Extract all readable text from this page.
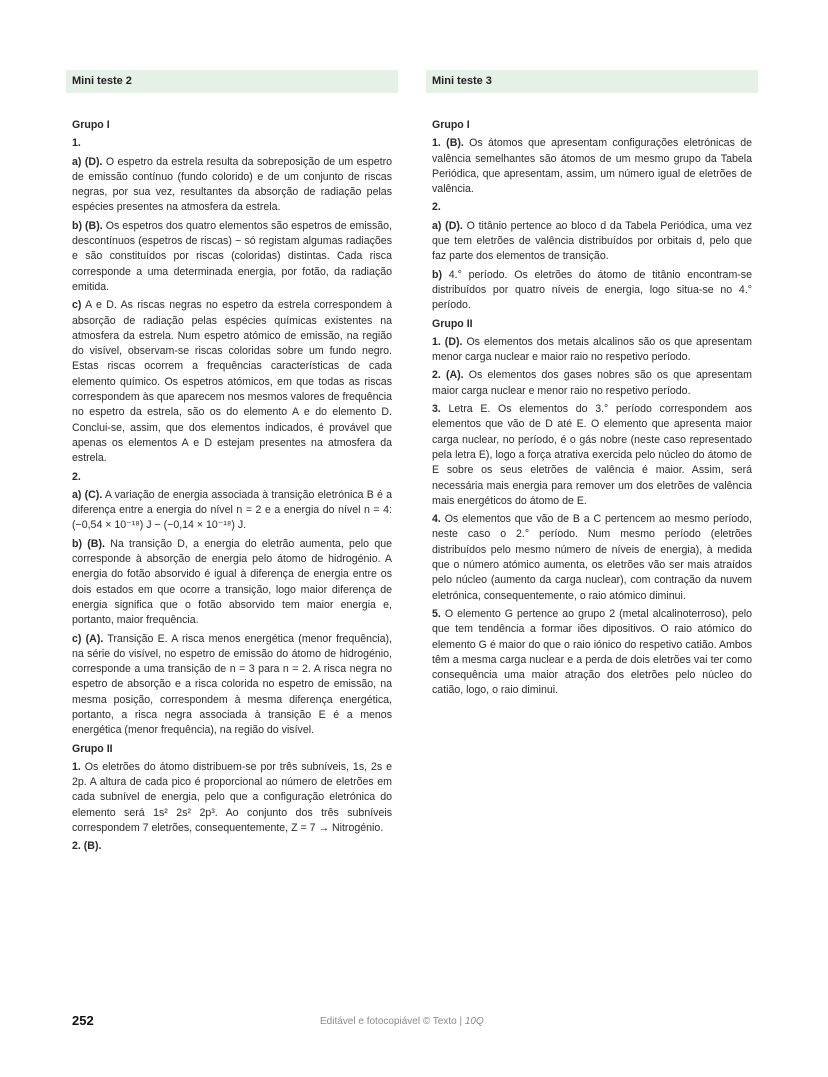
Mini teste 2

Grupo I

1.

a) (D). O espetro da estrela resulta da sobreposição de um espetro de emissão contínuo (fundo colorido) e de um conjunto de riscas negras, por sua vez, resultantes da absorção de radiação pelas espécies presentes na atmosfera da estrela.

b) (B). Os espetros dos quatro elementos são espetros de emissão, descontínuos (espetros de riscas) − só registam algumas radiações e são constituídos por riscas (coloridas) distintas. Cada risca corresponde a uma determinada energia, por fotão, da radiação emitida.

c) A e D. As riscas negras no espetro da estrela correspondem à absorção de radiação pelas espécies químicas existentes na atmosfera da estrela. Num espetro atómico de emissão, na região do visível, observam-se riscas coloridas sobre um fundo negro. Estas riscas ocorrem a frequências características de cada elemento químico. Os espetros atómicos, em que todas as riscas correspondem às que aparecem nos mesmos valores de frequência no espetro da estrela, são os do elemento A e do elemento D. Conclui-se, assim, que dos elementos indicados, é provável que apenas os elementos A e D estejam presentes na atmosfera da estrela.

2.

a) (C). A variação de energia associada à transição eletrónica B é a diferença entre a energia do nível n = 2 e a energia do nível n = 4: (−0,54 × 10⁻¹⁸) J − (−0,14 × 10⁻¹⁸) J.

b) (B). Na transição D, a energia do eletrão aumenta, pelo que corresponde à absorção de energia pelo átomo de hidrogénio. A energia do fotão absorvido é igual à diferença de energia entre os dois estados em que ocorre a transição, logo maior diferença de energia significa que o fotão absorvido tem maior energia e, portanto, maior frequência.

c) (A). Transição E. A risca menos energética (menor frequência), na série do visível, no espetro de emissão do átomo de hidrogénio, corresponde a uma transição de n = 3 para n = 2. A risca negra no espetro de absorção e a risca colorida no espetro de emissão, na mesma posição, correspondem à mesma diferença energética, portanto, a risca negra associada à transição E é a menos energética (menor frequência), na região do visível.

Grupo II

1. Os eletrões do átomo distribuem-se por três subníveis, 1s, 2s e 2p. A altura de cada pico é proporcional ao número de eletrões em cada subnível de energia, pelo que a configuração eletrónica do elemento será 1s² 2s² 2p³. Ao conjunto dos três subníveis correspondem 7 eletrões, consequentemente, Z = 7 → Nitrogénio.

2. (B).

Mini teste 3

Grupo I

1. (B). Os átomos que apresentam configurações eletrónicas de valência semelhantes são átomos de um mesmo grupo da Tabela Periódica, que apresentam, assim, um número igual de eletrões de valência.

2.

a) (D). O titânio pertence ao bloco d da Tabela Periódica, uma vez que tem eletrões de valência distribuídos por orbitais d, pelo que faz parte dos elementos de transição.

b) 4.° período. Os eletrões do átomo de titânio encontram-se distribuídos por quatro níveis de energia, logo situa-se no 4.° período.

Grupo II

1. (D). Os elementos dos metais alcalinos são os que apresentam menor carga nuclear e maior raio no respetivo período.

2. (A). Os elementos dos gases nobres são os que apresentam maior carga nuclear e menor raio no respetivo período.

3. Letra E. Os elementos do 3.° período correspondem aos elementos que vão de D até E. O elemento que apresenta maior carga nuclear, no período, é o gás nobre (neste caso representado pela letra E), logo a força atrativa exercida pelo núcleo do átomo de E sobre os seus eletrões de valência é maior. Assim, será necessária mais energia para remover um dos eletrões de valência mais energéticos do átomo de E.

4. Os elementos que vão de B a C pertencem ao mesmo período, neste caso o 2.° período. Num mesmo período (eletrões distribuídos pelo mesmo número de níveis de energia), à medida que o número atómico aumenta, os eletrões vão ser mais atraídos pelo núcleo (aumento da carga nuclear), com contração da nuvem eletrónica, consequentemente, o raio atómico diminui.

5. O elemento G pertence ao grupo 2 (metal alcalinoterroso), pelo que tem tendência a formar iões dipositivos. O raio atómico do elemento G é maior do que o raio iónico do respetivo catião. Ambos têm a mesma carga nuclear e a perda de dois eletrões vai ter como consequência uma maior atração dos eletrões pelo núcleo do catião, logo, o raio diminui.

252	Editável e fotocopiável © Texto | 10Q
